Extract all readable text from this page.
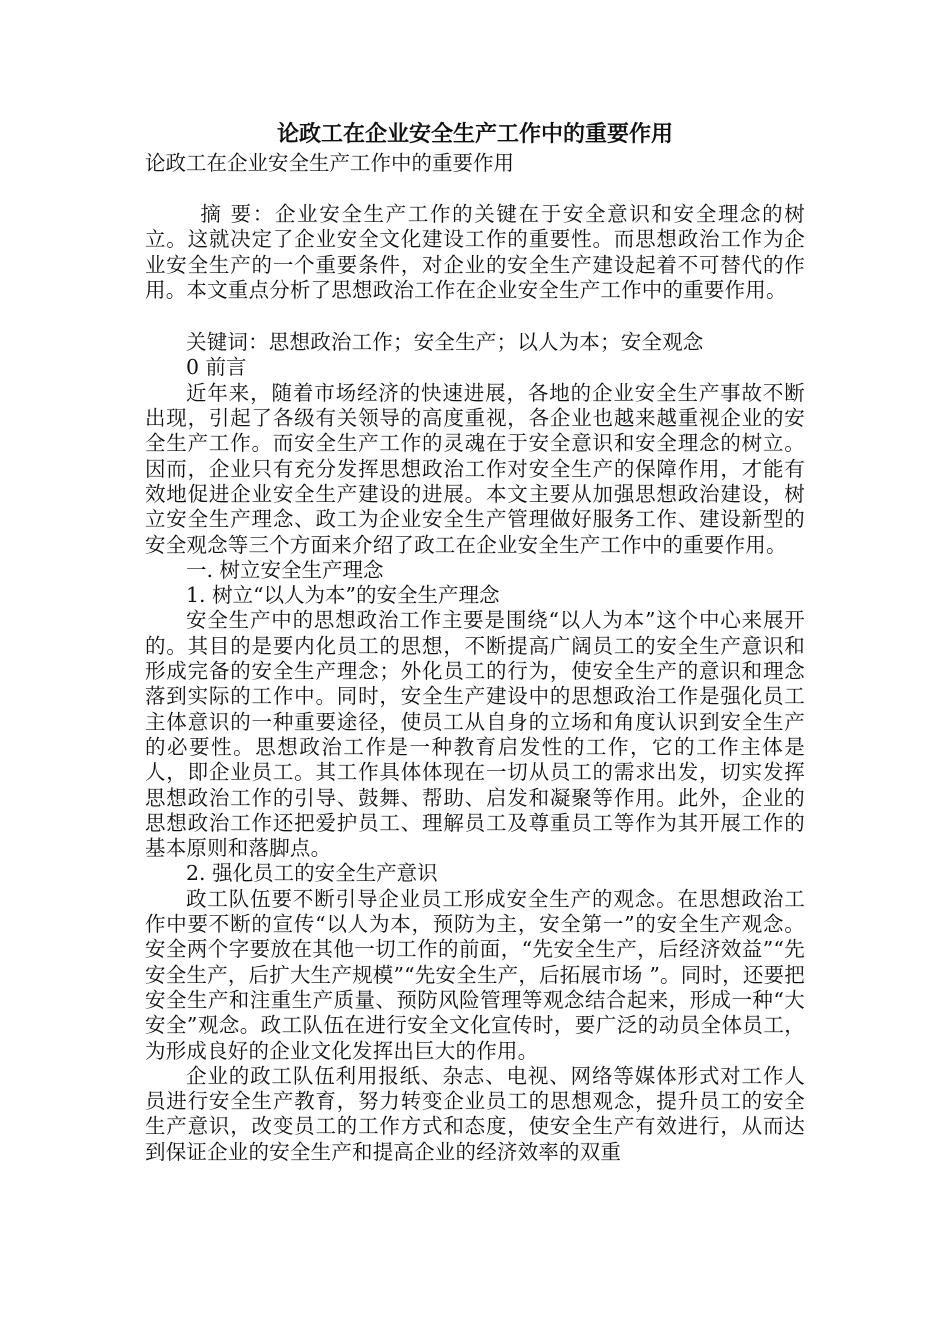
论政工在企业安全生产工作中的重要作用

论政工在企业安全生产工作中的重要作用

摘 要：企业安全生产工作的关键在于安全意识和安全理念的树立。这就决定了企业安全文化建设工作的重要性。而思想政治工作为企业安全生产的一个重要条件，对企业的安全生产建设起着不可替代的作用。本文重点分析了思想政治工作在企业安全生产工作中的重要作用。

关键词：思想政治工作；安全生产；以人为本；安全观念

0 前言

近年来，随着市场经济的快速进展，各地的企业安全生产事故不断出现，引起了各级有关领导的高度重视，各企业也越来越重视企业的安全生产工作。而安全生产工作的灵魂在于安全意识和安全理念的树立。因而，企业只有充分发挥思想政治工作对安全生产的保障作用，才能有效地促进企业安全生产建设的进展。本文主要从加强思想政治建设，树立安全生产理念、政工为企业安全生产管理做好服务工作、建设新型的安全观念等三个方面来介绍了政工在企业安全生产工作中的重要作用。

一. 树立安全生产理念

1. 树立“以人为本”的安全生产理念

安全生产中的思想政治工作主要是围绕“以人为本”这个中心来展开的。其目的是要内化员工的思想，不断提高广阔员工的安全生产意识和形成完备的安全生产理念；外化员工的行为，使安全生产的意识和理念落到实际的工作中。同时，安全生产建设中的思想政治工作是强化员工主体意识的一种重要途径，使员工从自身的立场和角度认识到安全生产的必要性。思想政治工作是一种教育启发性的工作，它的工作主体是人，即企业员工。其工作具体体现在一切从员工的需求出发，切实发挥思想政治工作的引导、鼓舞、帮助、启发和凝聚等作用。此外，企业的思想政治工作还把爱护员工、理解员工及尊重员工等作为其开展工作的基本原则和落脚点。

2. 强化员工的安全生产意识

政工队伍要不断引导企业员工形成安全生产的观念。在思想政治工作中要不断的宣传“以人为本，预防为主，安全第一”的安全生产观念。安全两个字要放在其他一切工作的前面，“先安全生产，后经济效益”“先安全生产，后扩大生产规模”“先安全生产，后拓展市场 ”。同时，还要把安全生产和注重生产质量、预防风险管理等观念结合起来，形成一种“大安全”观念。政工队伍在进行安全文化宣传时，要广泛的动员全体员工，为形成良好的企业文化发挥出巨大的作用。

企业的政工队伍利用报纸、杂志、电视、网络等媒体形式对工作人员进行安全生产教育，努力转变企业员工的思想观念，提升员工的安全生产意识，改变员工的工作方式和态度，使安全生产有效进行，从而达到保证企业的安全生产和提高企业的经济效率的双重
